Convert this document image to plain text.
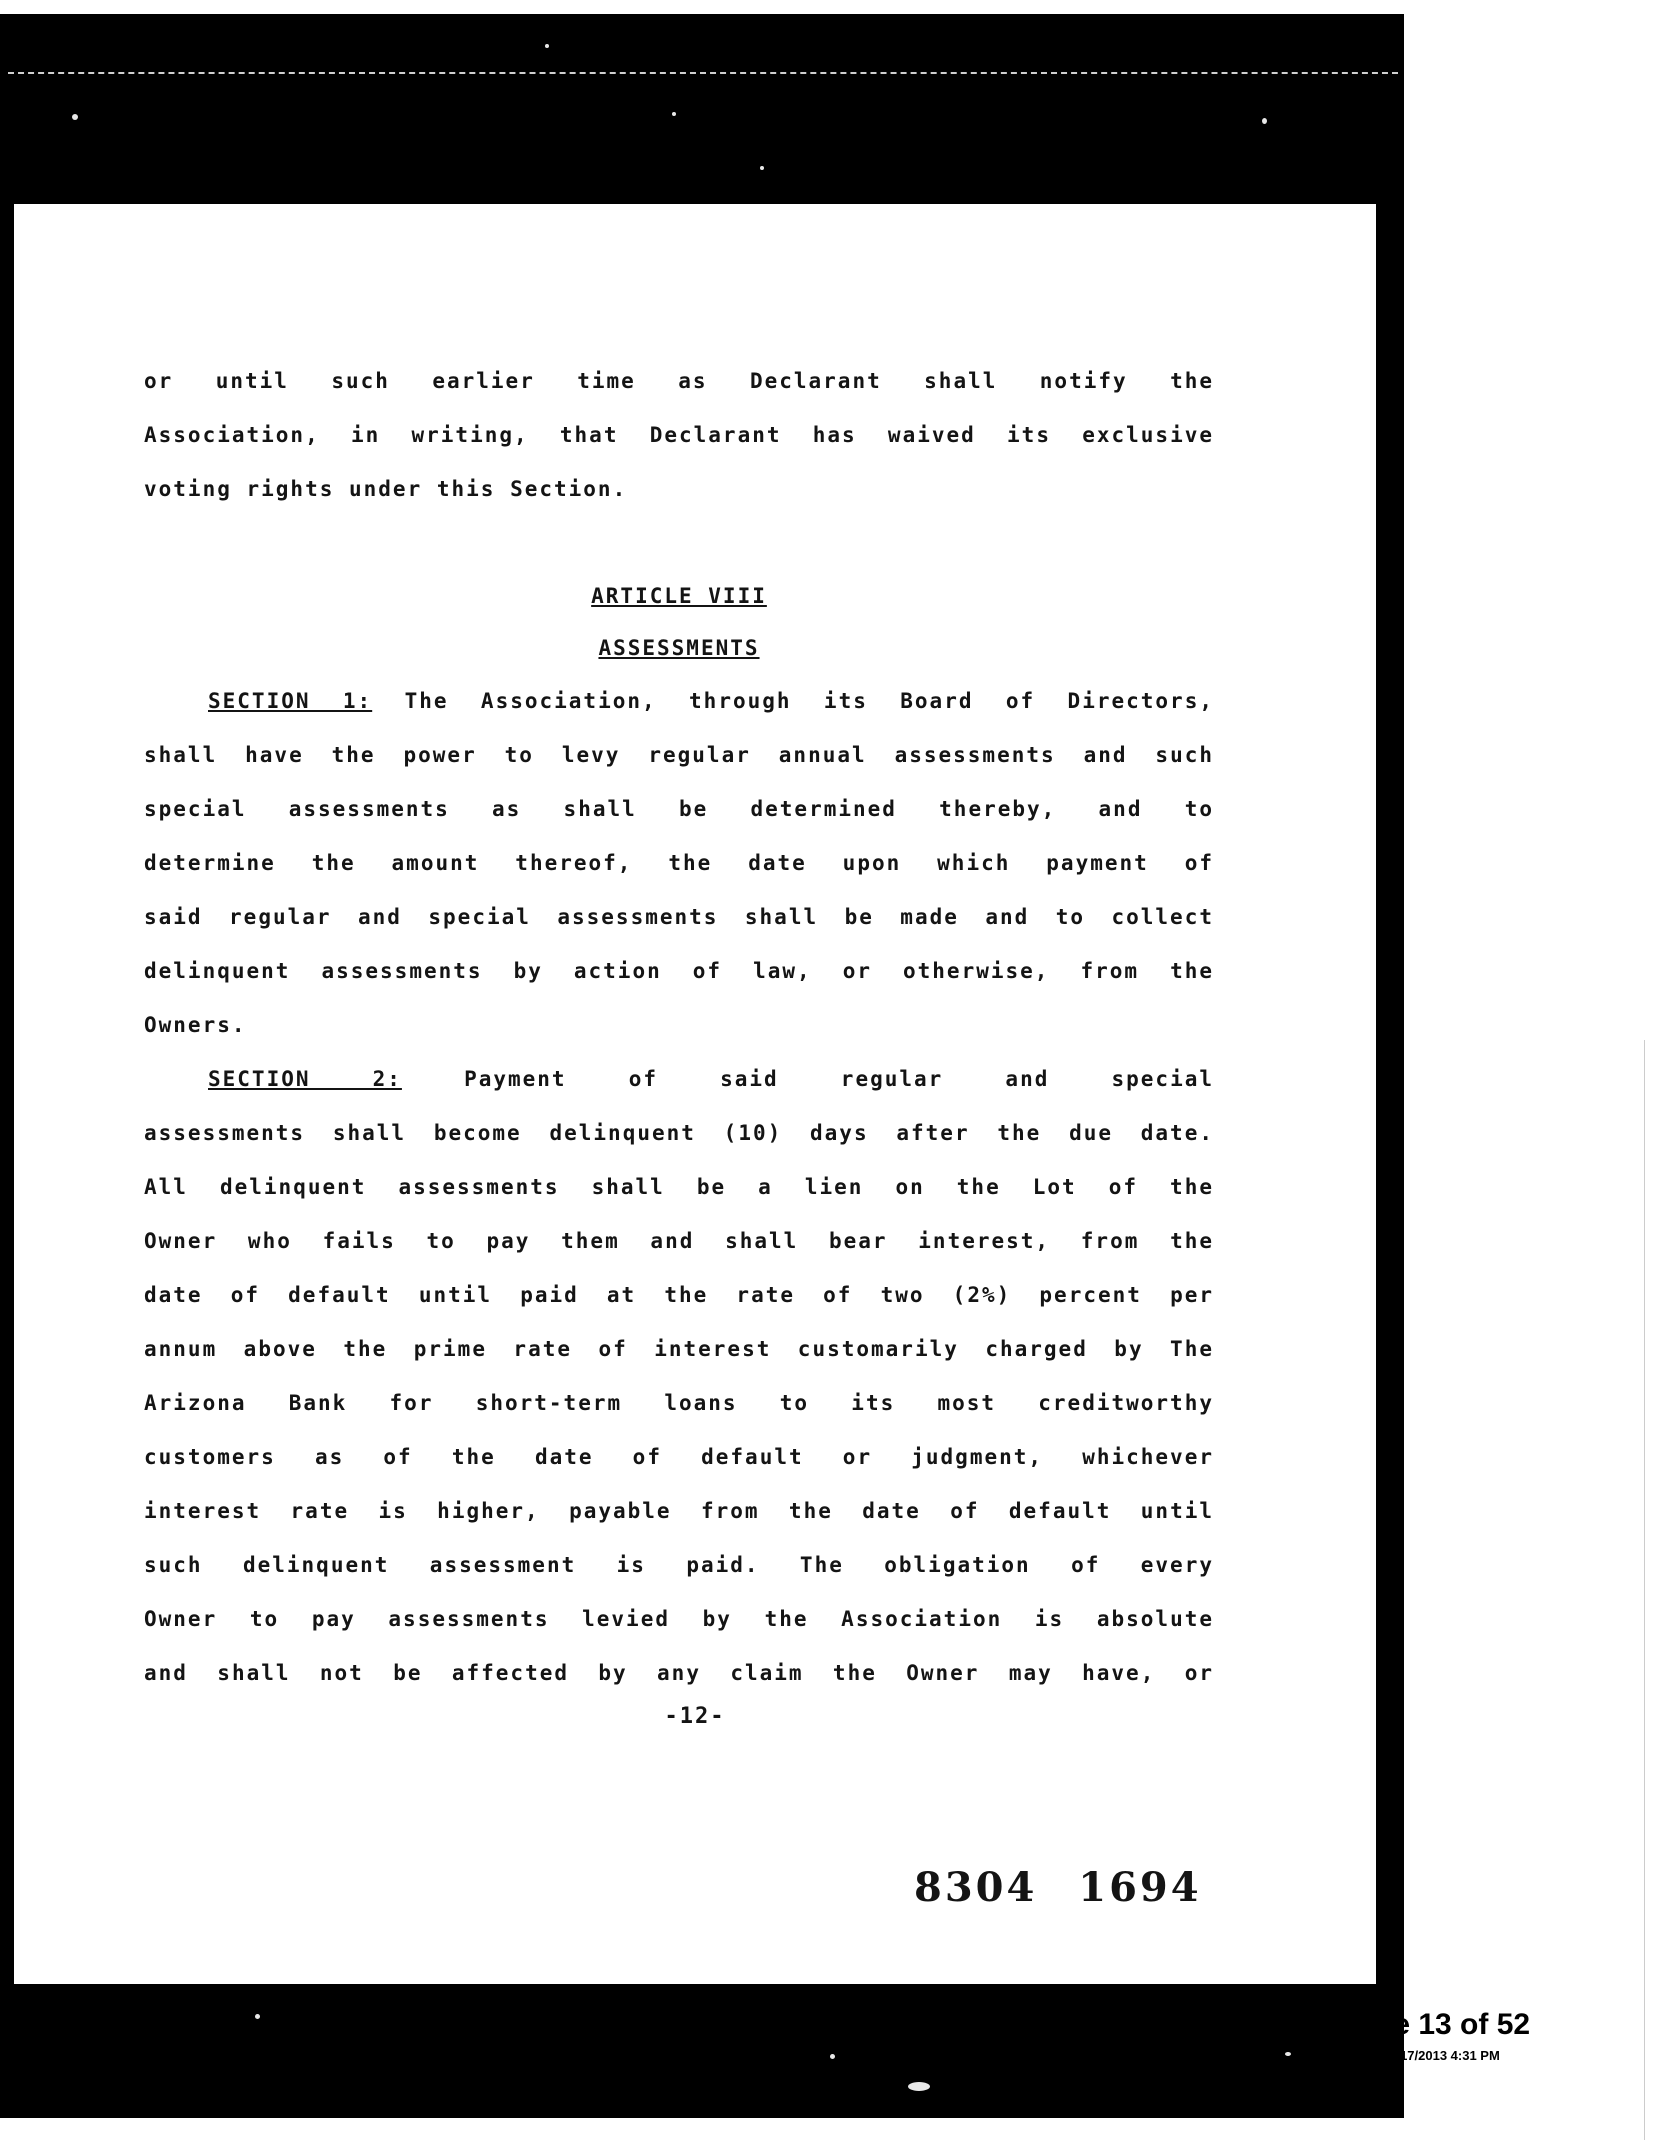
or until such earlier time as Declarant shall notify the
Association, in writing, that Declarant has waived its exclusive
voting rights under this Section.
ARTICLE VIII
ASSESSMENTS
SECTION 1: The Association, through its Board of Directors,
shall have the power to levy regular annual assessments and such
special assessments as shall be determined thereby, and to
determine the amount thereof, the date upon which payment of
said regular and special assessments shall be made and to collect
delinquent assessments by action of law, or otherwise, from the
Owners.
SECTION 2:	Payment of said regular and special
assessments shall become delinquent (10) days after the due date.
All delinquent assessments shall be a lien on the Lot of the
Owner who fails to pay them and shall bear interest, from the
date of default until paid at the rate of two (2%) percent per
annum above the prime rate of interest customarily charged by The
Arizona Bank for short-term loans to its most creditworthy
customers as of the date of default or judgment, whichever
interest rate is higher, payable from the date of default until
such delinquent assessment is paid. The obligation of every
Owner to pay assessments levied by the Association is absolute
and shall not be affected by any claim the Owner may have, or
-12-
8304 1694
ge 13 of 52
07/17/2013 4:31 PM
